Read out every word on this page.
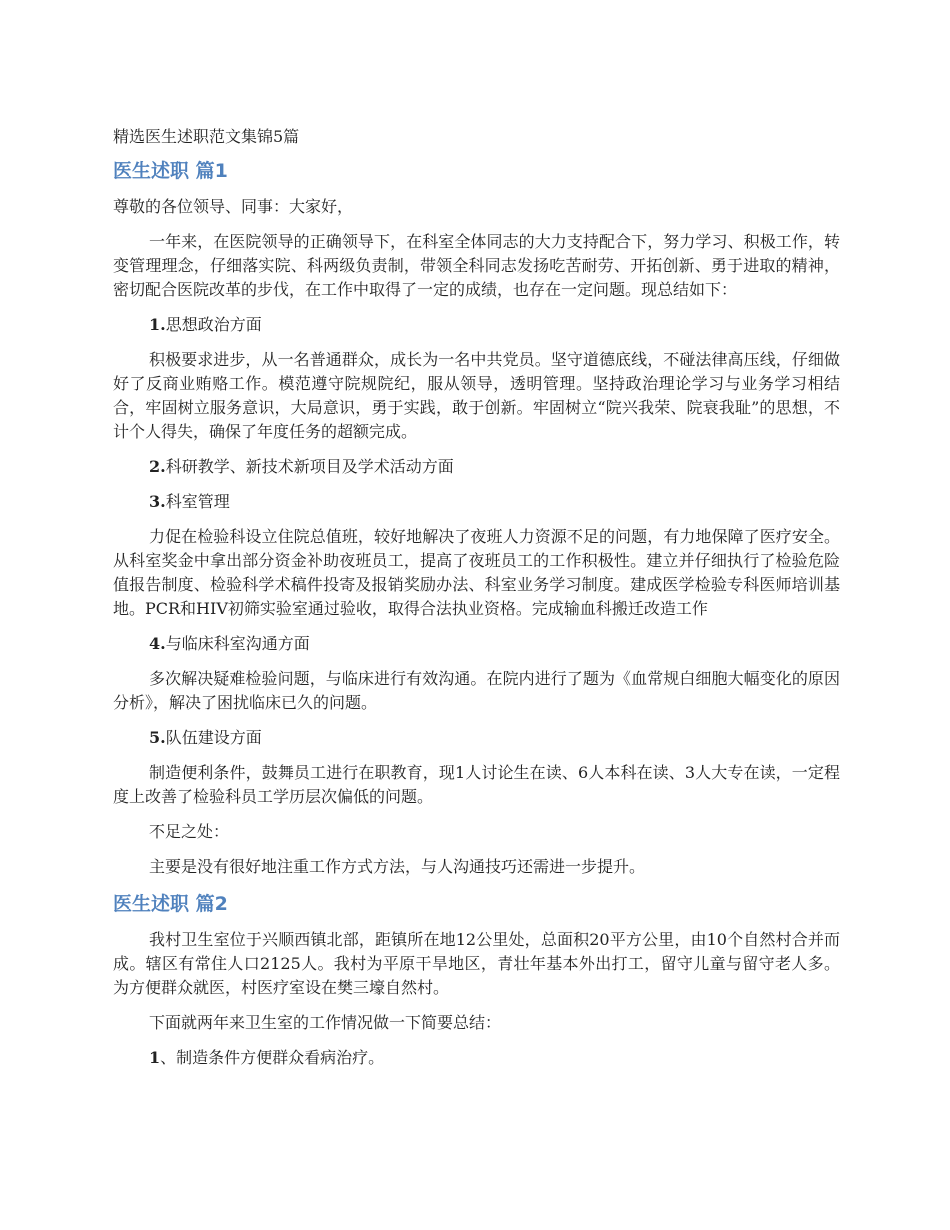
精选医生述职范文集锦5篇
医生述职 篇1

尊敬的各位领导、同事：大家好，

一年来，在医院领导的正确领导下，在科室全体同志的大力支持配合下，努力学习、积极工作，转变管理理念，仔细落实院、科两级负责制，带领全科同志发扬吃苦耐劳、开拓创新、勇于进取的精神，密切配合医院改革的步伐，在工作中取得了一定的成绩，也存在一定问题。现总结如下：

1.思想政治方面

积极要求进步，从一名普通群众，成长为一名中共党员。坚守道德底线，不碰法律高压线，仔细做好了反商业贿赂工作。模范遵守院规院纪，服从领导，透明管理。坚持政治理论学习与业务学习相结合，牢固树立服务意识，大局意识，勇于实践，敢于创新。牢固树立“院兴我荣、院衰我耻”的思想，不计个人得失，确保了年度任务的超额完成。

2.科研教学、新技术新项目及学术活动方面
3.科室管理

力促在检验科设立住院总值班，较好地解决了夜班人力资源不足的问题，有力地保障了医疗安全。从科室奖金中拿出部分资金补助夜班员工，提高了夜班员工的工作积极性。建立并仔细执行了检验危险值报告制度、检验科学术稿件投寄及报销奖励办法、科室业务学习制度。建成医学检验专科医师培训基地。PCR和HIV初筛实验室通过验收，取得合法执业资格。完成输血科搬迁改造工作

4.与临床科室沟通方面

多次解决疑难检验问题，与临床进行有效沟通。在院内进行了题为《血常规白细胞大幅变化的原因分析》，解决了困扰临床已久的问题。

5.队伍建设方面

制造便利条件，鼓舞员工进行在职教育，现1人讨论生在读、6人本科在读、3人大专在读，一定程度上改善了检验科员工学历层次偏低的问题。

不足之处：

主要是没有很好地注重工作方式方法，与人沟通技巧还需进一步提升。

医生述职 篇2

我村卫生室位于兴顺西镇北部，距镇所在地12公里处，总面积20平方公里，由10个自然村合并而成。辖区有常住人口2125人。我村为平原干旱地区，青壮年基本外出打工，留守儿童与留守老人多。为方便群众就医，村医疗室设在樊三壕自然村。

下面就两年来卫生室的工作情况做一下简要总结：

1、制造条件方便群众看病治疗。
